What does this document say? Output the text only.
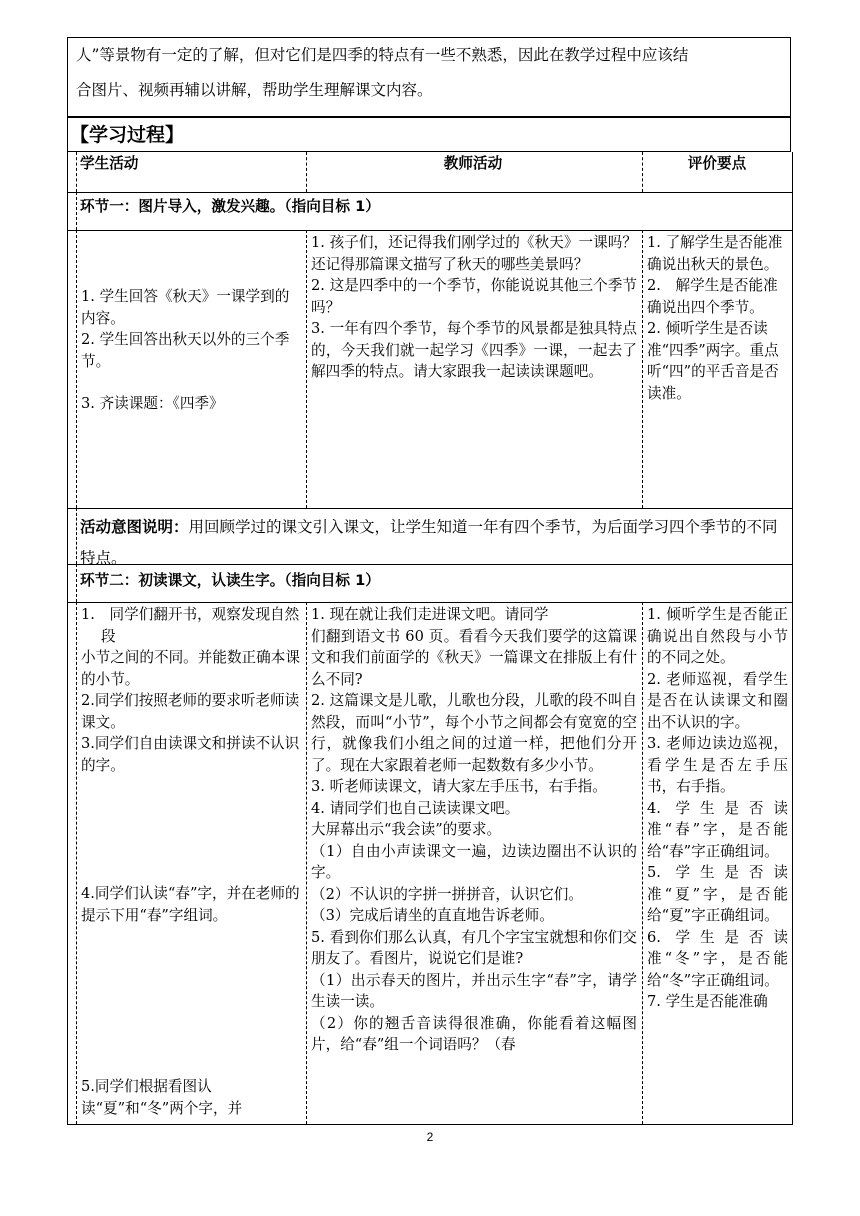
人”等景物有一定的了解，但对它们是四季的特点有一些不熟悉，因此在教学过程中应该结
合图片、视频再辅以讲解，帮助学生理解课文内容。
【学习过程】
学生活动	教师活动	评价要点
环节一：图片导入，激发兴趣。（指向目标 1）

1. 学生回答《秋天》一课学到的内容。

2. 学生回答出秋天以外的三个季节。

3. 齐读课题：《四季》

1. 孩子们，还记得我们刚学过的《秋天》一课吗？还记得那篇课文描写了秋天的哪些美景吗？

2. 这是四季中的一个季节，你能说说其他三个季节吗？

3. 一年有四个季节，每个季节的风景都是独具特点的，今天我们就一起学习《四季》一课，一起去了解四季的特点。请大家跟我一起读读课题吧。

1. 了解学生是否能准确说出秋天的景色。

2.　解学生是否能准确说出四个季节。

2. 倾听学生是否读准“四季”两字。重点听“四”的平舌音是否读准。

活动意图说明：用回顾学过的课文引入课文，让学生知道一年有四个季节，为后面学习四个季节的不同特点。
环节二：初读课文，认读生字。（指向目标 1）

1.　同学们翻开书，观察发现自然段

小节之间的不同。并能数正确本课的小节。

2.同学们按照老师的要求听老师读课文。

3.同学们自由读课文和拼读不认识的字。

4.同学们认读“春”字，并在老师的提示下用“春”字组词。

5.同学们根据看图认读“夏”和“冬”两个字，并

1. 现在就让我们走进课文吧。请同学

们翻到语文书 60 页。看看今天我们要学的这篇课文和我们前面学的《秋天》一篇课文在排版上有什么不同?

2. 这篇课文是儿歌，儿歌也分段，儿歌的段不叫自然段，而叫“小节”，每个小节之间都会有宽宽的空行，就像我们小组之间的过道一样，把他们分开了。现在大家跟着老师一起数数有多少小节。

3. 听老师读课文，请大家左手压书，右手指。

4. 请同学们也自己读读课文吧。

大屏幕出示“我会读”的要求。

（1）自由小声读课文一遍，边读边圈出不认识的字。

（2）不认识的字拼一拼拼音，认识它们。

（3）完成后请坐的直直地告诉老师。

5. 看到你们那么认真，有几个字宝宝就想和你们交朋友了。看图片，说说它们是谁?

（1）出示春天的图片，并出示生字“春”字，请学生读一读。

（2）你的翘舌音读得很准确，你能看着这幅图片，给“春”组一个词语吗？（春

1. 倾听学生是否能正确说出自然段与小节的不同之处。

2. 老师巡视，看学生是否在认读课文和圈出不认识的字。

3. 老师边读边巡视，看学生是否左手压书，右手指。

4. 学生是否读准“春”字，是否能给“春”字正确组词。

5. 学生是否读准“夏”字，是否能给“夏”字正确组词。

6. 学生是否读准“冬”字，是否能给“冬”字正确组词。

7. 学生是否能准确

2
